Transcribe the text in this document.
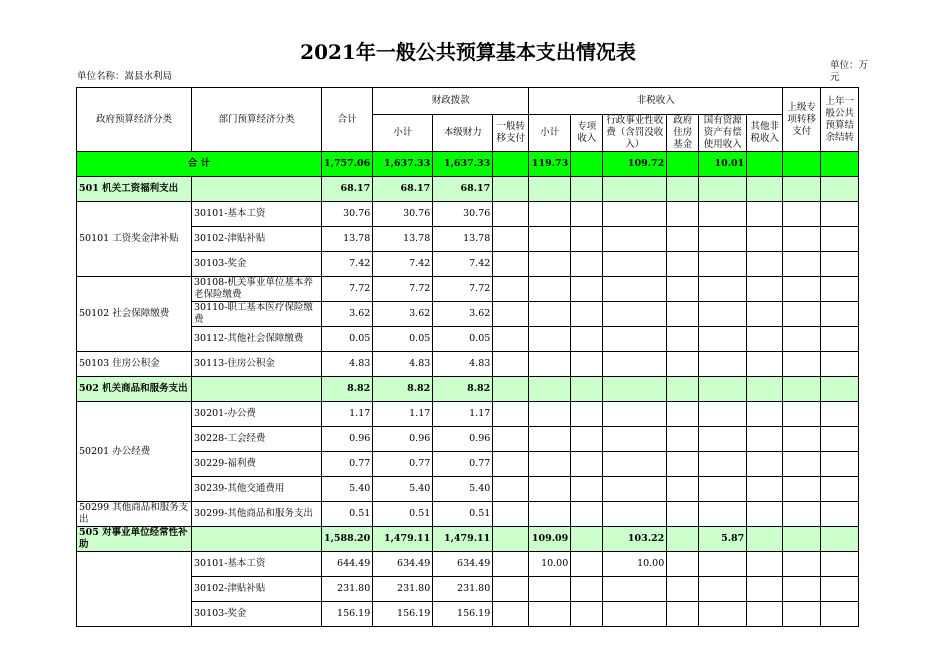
2021年一般公共预算基本支出情况表
单位名称：嵩县水利局
单位：万元
政府预算经济分类	部门预算经济分类	合计	财政拨款			非税收入						上级专项转移支付	上年一般公共预算结余结转
			小计	本级财力	一般转移支付	小计	专项收入	行政事业性收费（含罚没收入）	政府住房基金	国有资源资产有偿使用收入	其他非税收入		
合 计		1,757.06	1,637.33	1,637.33		119.73		109.72		10.01			
501 机关工资福利支出		68.17	68.17	68.17									
50101 工资奖金津补贴	30101-基本工资	30.76	30.76	30.76									
	30102-津贴补贴	13.78	13.78	13.78									
	30103-奖金	7.42	7.42	7.42									
50102 社会保障缴费	30108-机关事业单位基本养老保险缴费	7.72	7.72	7.72									
	30110-职工基本医疗保险缴费	3.62	3.62	3.62									
	30112-其他社会保障缴费	0.05	0.05	0.05									
50103 住房公积金	30113-住房公积金	4.83	4.83	4.83									
502 机关商品和服务支出		8.82	8.82	8.82									
50201 办公经费	30201-办公费	1.17	1.17	1.17									
	30228-工会经费	0.96	0.96	0.96									
	30229-福利费	0.77	0.77	0.77									
	30239-其他交通费用	5.40	5.40	5.40									
50299 其他商品和服务支出	30299-其他商品和服务支出	0.51	0.51	0.51									
505 对事业单位经常性补助		1,588.20	1,479.11	1,479.11		109.09		103.22		5.87			
	30101-基本工资	644.49	634.49	634.49		10.00		10.00					
	30102-津贴补贴	231.80	231.80	231.80									
	30103-奖金	156.19	156.19	156.19									
